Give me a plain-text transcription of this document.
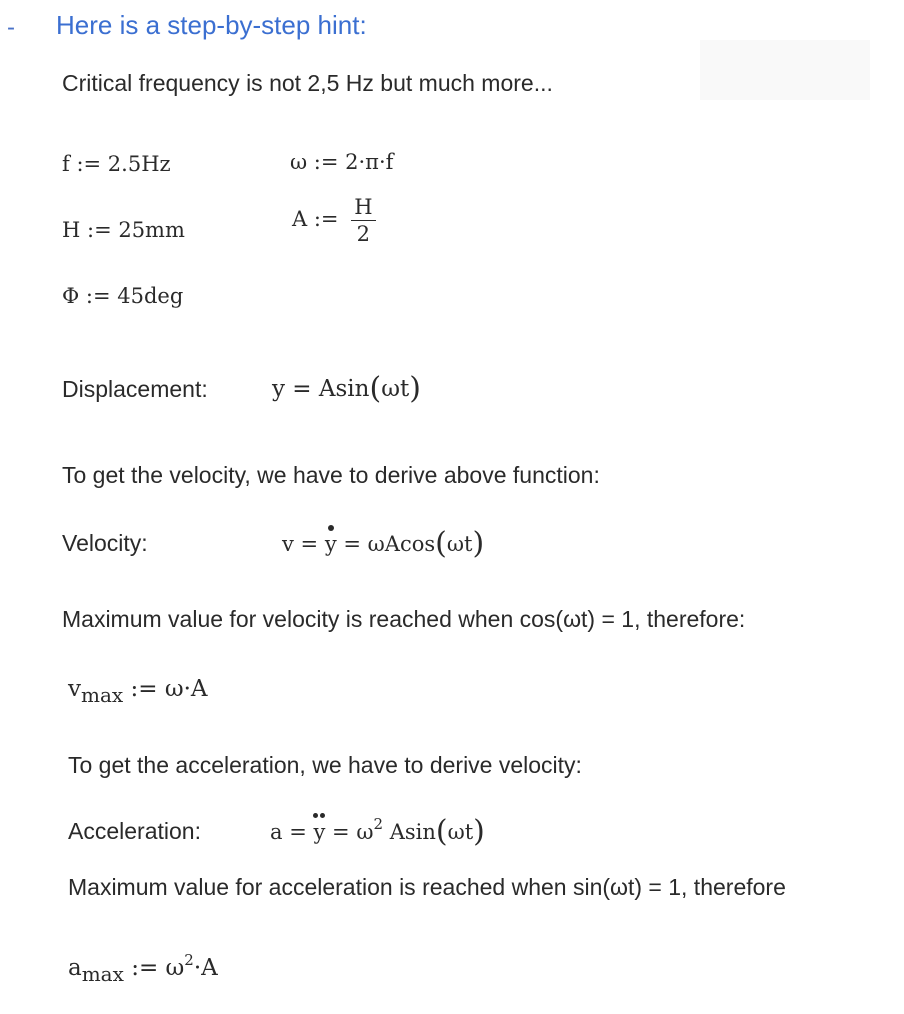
- Here is a step-by-step hint:
Critical frequency is not 2,5 Hz but much more...
f := 2.5Hz	ω := 2·π·f
H := 25mm	A := $\frac{H}{2}$
Φ := 45deg
Displacement:	y = Asin(ωt)
To get the velocity, we have to derive above function:
Velocity:	v = y = ωAcos(ωt)
Maximum value for velocity is reached when cos(ωt) = 1, therefore:
$v_{max}$ := ω·A
To get the acceleration, we have to derive velocity:
Acceleration:	$a = y = \omega^2$ Asin(ωt)
Maximum value for acceleration is reached when sin(ωt) = 1, therefore
$a_{max}$ := $\omega^2\cdot A$
